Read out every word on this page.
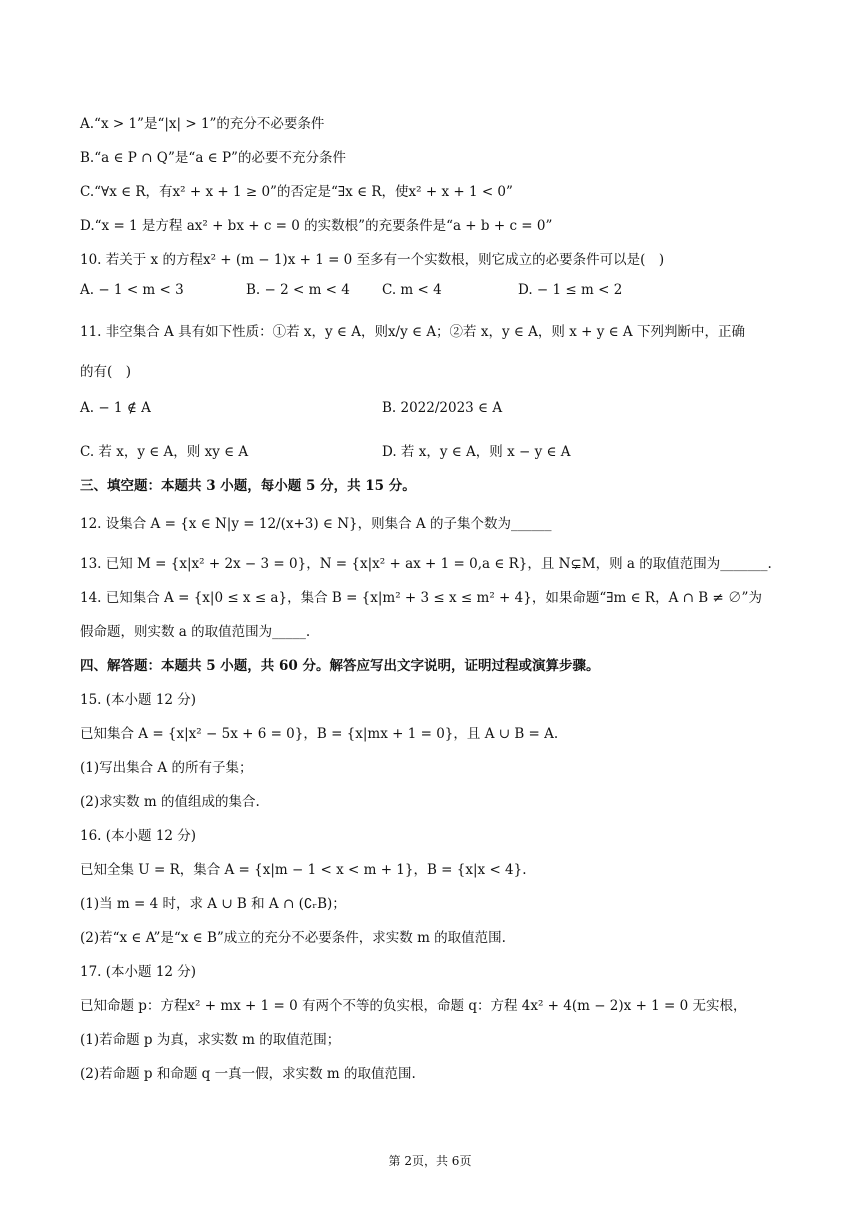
A.“x > 1”是“|x| > 1”的充分不必要条件
B.“a ∈ P ∩ Q”是“a ∈ P”的必要不充分条件
C.“∀x ∈ R，有x² + x + 1 ≥ 0”的否定是“∃x ∈ R，使x² + x + 1 < 0”
D.“x = 1 是方程 ax² + bx + c = 0 的实数根”的充要条件是“a + b + c = 0”
10. 若关于 x 的方程x² + (m − 1)x + 1 = 0 至多有一个实数根，则它成立的必要条件可以是(　)
A. − 1 < m < 3	B. − 2 < m < 4 C. m < 4	D. − 1 ≤ m < 2
11. 非空集合 A 具有如下性质：①若 x，y ∈ A，则x/y ∈ A；②若 x，y ∈ A，则 x + y ∈ A 下列判断中，正确
的有(　)
A. − 1 ∉ A	B. 2022/2023 ∈ A
C. 若 x，y ∈ A，则 xy ∈ A	D. 若 x，y ∈ A，则 x − y ∈ A
三、填空题：本题共 3 小题，每小题 5 分，共 15 分。
12. 设集合 A = {x ∈ N|y = 12/(x+3) ∈ N}，则集合 A 的子集个数为______
13. 已知 M = {x|x² + 2x − 3 = 0}，N = {x|x² + ax + 1 = 0,a ∈ R}，且 N⊊M，则 a 的取值范围为_______.
14. 已知集合 A = {x|0 ≤ x ≤ a}，集合 B = {x|m² + 3 ≤ x ≤ m² + 4}，如果命题“∃m ∈ R，A ∩ B ≠ ∅”为
假命题，则实数 a 的取值范围为_____.
四、解答题：本题共 5 小题，共 60 分。解答应写出文字说明，证明过程或演算步骤。
15. (本小题 12 分)
已知集合 A = {x|x² − 5x + 6 = 0}，B = {x|mx + 1 = 0}，且 A ∪ B = A.
(1)写出集合 A 的所有子集；
(2)求实数 m 的值组成的集合.
16. (本小题 12 分)
已知全集 U = R，集合 A = {x|m − 1 < x < m + 1}，B = {x|x < 4}.
(1)当 m = 4 时，求 A ∪ B 和 A ∩ (∁ᵣB)；
(2)若“x ∈ A”是“x ∈ B”成立的充分不必要条件，求实数 m 的取值范围.
17. (本小题 12 分)
已知命题 p：方程x² + mx + 1 = 0 有两个不等的负实根，命题 q：方程 4x² + 4(m − 2)x + 1 = 0 无实根，
(1)若命题 p 为真，求实数 m 的取值范围；
(2)若命题 p 和命题 q 一真一假，求实数 m 的取值范围.
第 2页，共 6页
